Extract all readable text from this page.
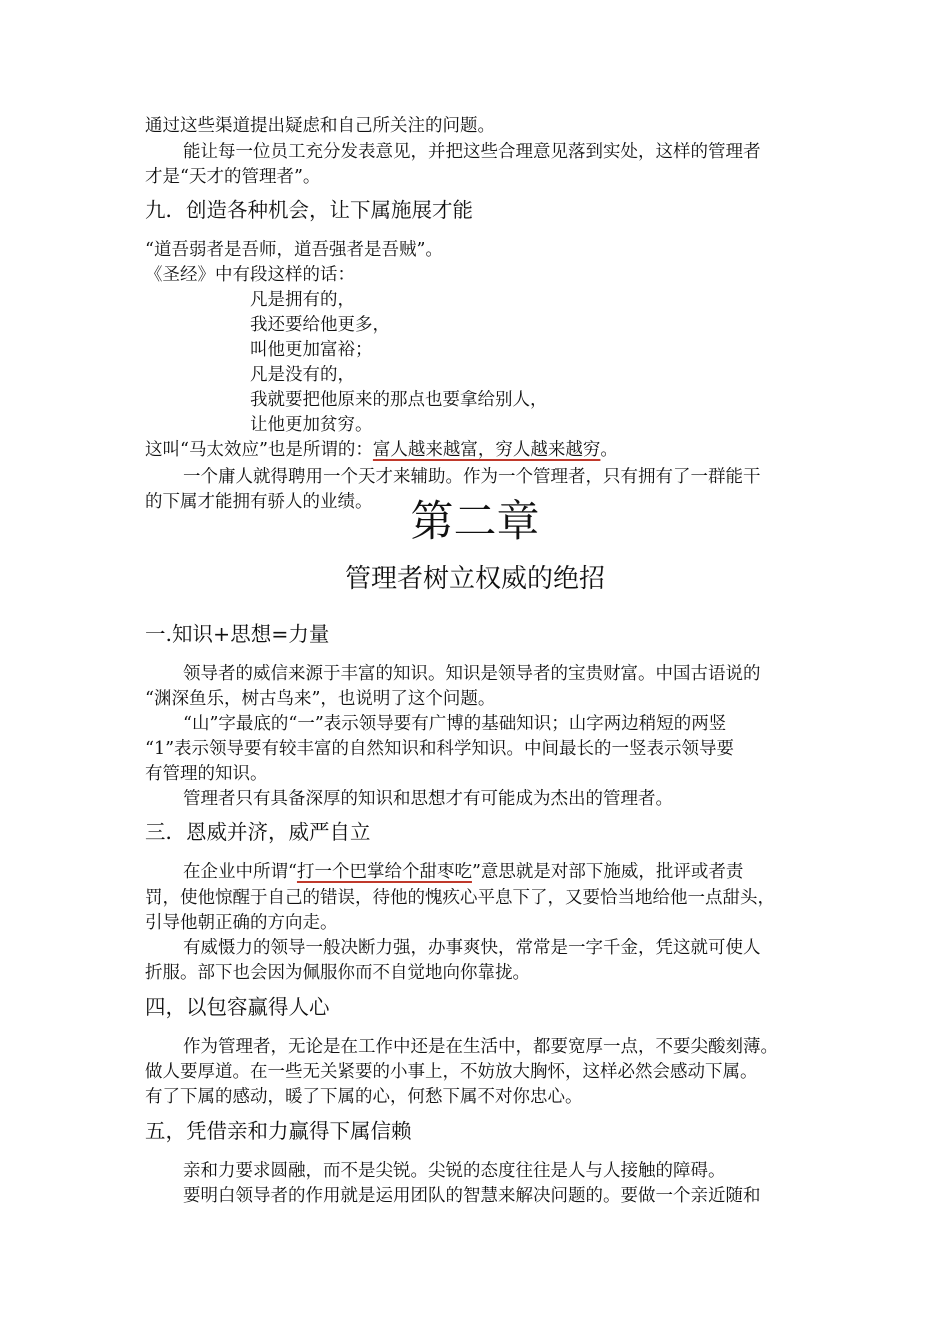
通过这些渠道提出疑虑和自己所关注的问题。
能让每一位员工充分发表意见，并把这些合理意见落到实处，这样的管理者
才是“天才的管理者”。
九．创造各种机会，让下属施展才能
“道吾弱者是吾师，道吾强者是吾贼”。
《圣经》中有段这样的话：
凡是拥有的，
我还要给他更多，
叫他更加富裕；
凡是没有的，
我就要把他原来的那点也要拿给别人，
让他更加贫穷。
这叫“马太效应”也是所谓的：富人越来越富，穷人越来越穷。
一个庸人就得聘用一个天才来辅助。作为一个管理者，只有拥有了一群能干
的下属才能拥有骄人的业绩。 第二章
管理者树立权威的绝招
一.知识+思想=力量
领导者的威信来源于丰富的知识。知识是领导者的宝贵财富。中国古语说的
“渊深鱼乐，树古鸟来”，也说明了这个问题。
“山”字最底的“一”表示领导要有广博的基础知识；山字两边稍短的两竖
“1”表示领导要有较丰富的自然知识和科学知识。中间最长的一竖表示领导要
有管理的知识。
管理者只有具备深厚的知识和思想才有可能成为杰出的管理者。
三．恩威并济，威严自立
在企业中所谓“打一个巴掌给个甜枣吃”意思就是对部下施威，批评或者责
罚，使他惊醒于自己的错误，待他的愧疚心平息下了，又要恰当地给他一点甜头，
引导他朝正确的方向走。
有威慑力的领导一般决断力强，办事爽快，常常是一字千金，凭这就可使人
折服。部下也会因为佩服你而不自觉地向你靠拢。
四，以包容赢得人心
作为管理者，无论是在工作中还是在生活中，都要宽厚一点，不要尖酸刻薄。
做人要厚道。在一些无关紧要的小事上，不妨放大胸怀，这样必然会感动下属。
有了下属的感动，暖了下属的心，何愁下属不对你忠心。
五，凭借亲和力赢得下属信赖
亲和力要求圆融，而不是尖锐。尖锐的态度往往是人与人接触的障碍。
要明白领导者的作用就是运用团队的智慧来解决问题的。要做一个亲近随和
